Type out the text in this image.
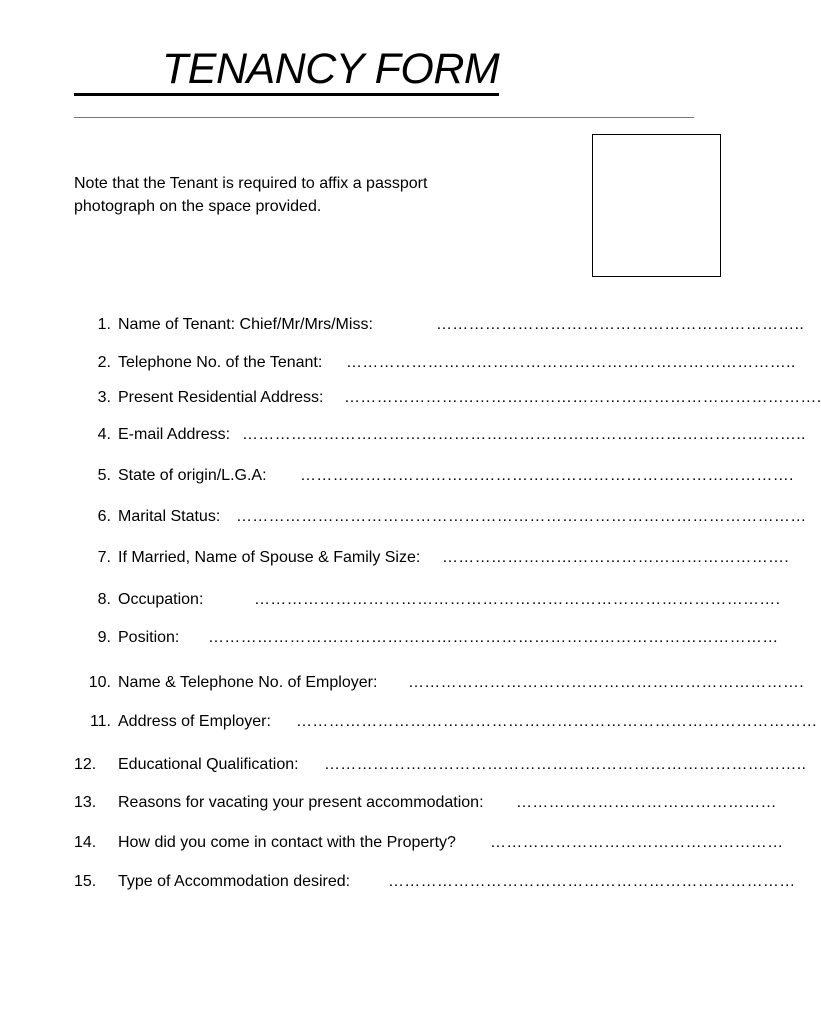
TENANCY FORM
Note that the Tenant is required to affix a passport photograph on the space provided.
1. Name of Tenant: Chief/Mr/Mrs/Miss:	…………………………………………………………..
2. Telephone No. of the Tenant: ………………………………………………………………………..
3. Present Residential Address: …………………………………………………………………………….
4. E-mail Address: …………………………………………………………………………………………..
5. State of origin/L.G.A: ……………………………………………………………………………….
6. Marital Status: ……………………………………………………………………………………………
7. If Married, Name of Spouse & Family Size: ……………………………………………………….
8. Occupation:	…………………………………………………………………………………….
9. Position: ……………………………………………………………………………………………
10. Name & Telephone No. of Employer: ……………………………………………………………….
11. Address of Employer: ……………………………………………………………………………………
12. Educational Qualification: ……………………………………………………………………………..
13. Reasons for vacating your present accommodation: …………………………………………
14. How did you come in contact with the Property? ………………………………………………
15. Type of Accommodation desired: …………………………………………………………………
